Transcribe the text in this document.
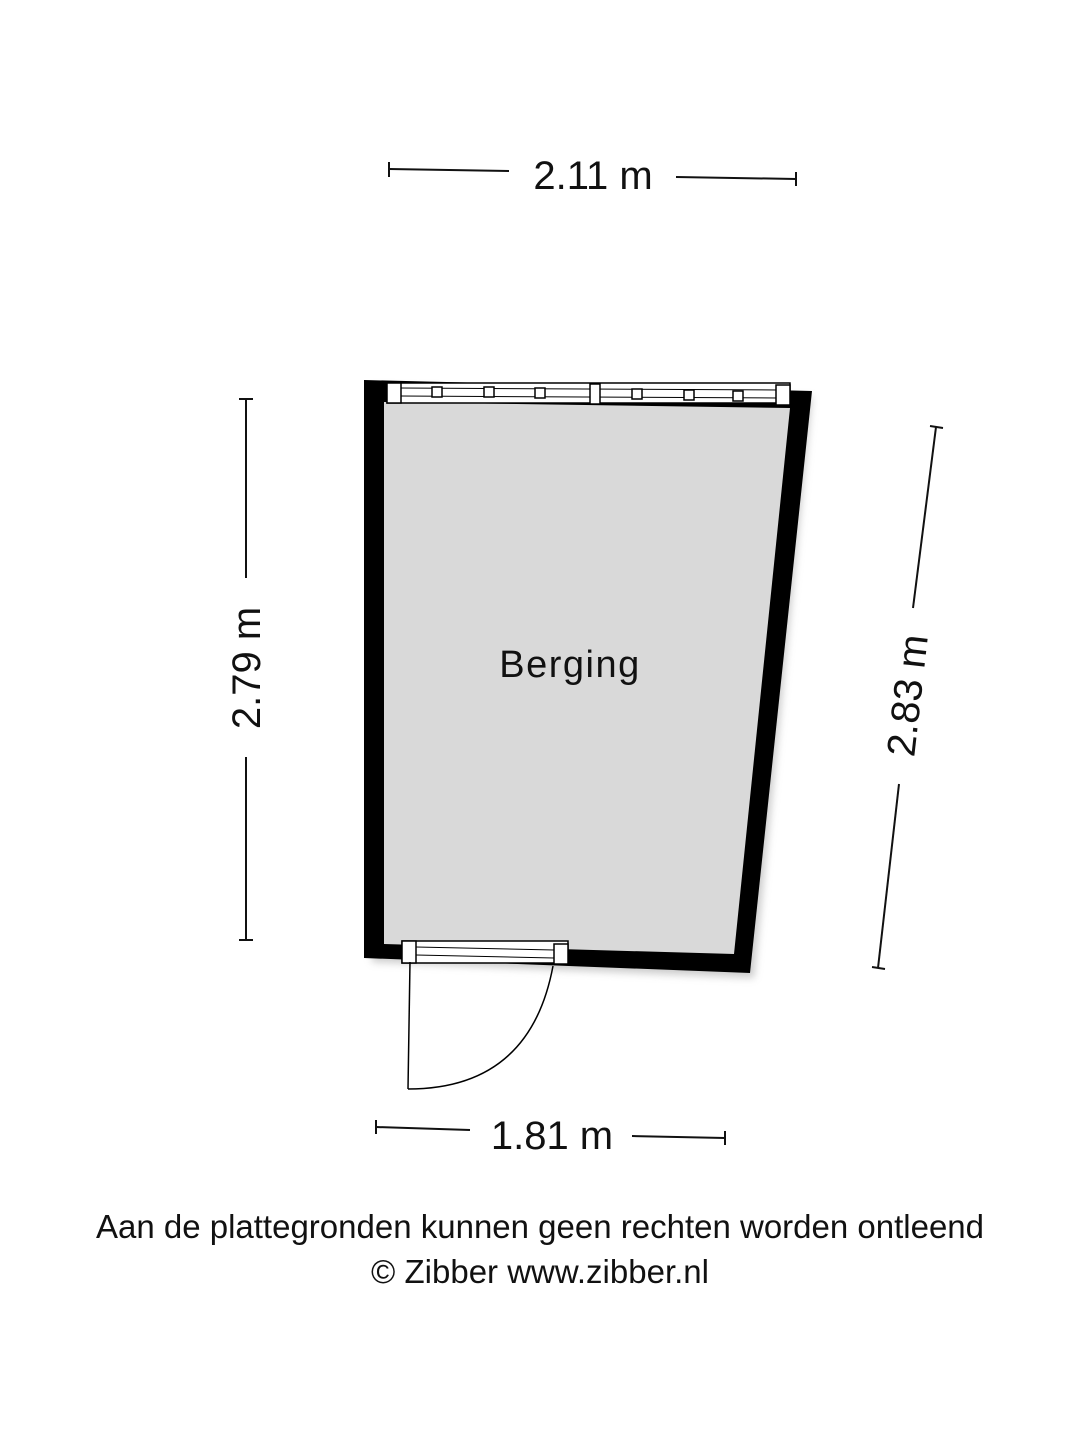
2.11 m
2.79 m	2.83 m
1.81 m
Berging
Aan de plattegronden kunnen geen rechten worden ontleend
© Zibber www.zibber.nl
